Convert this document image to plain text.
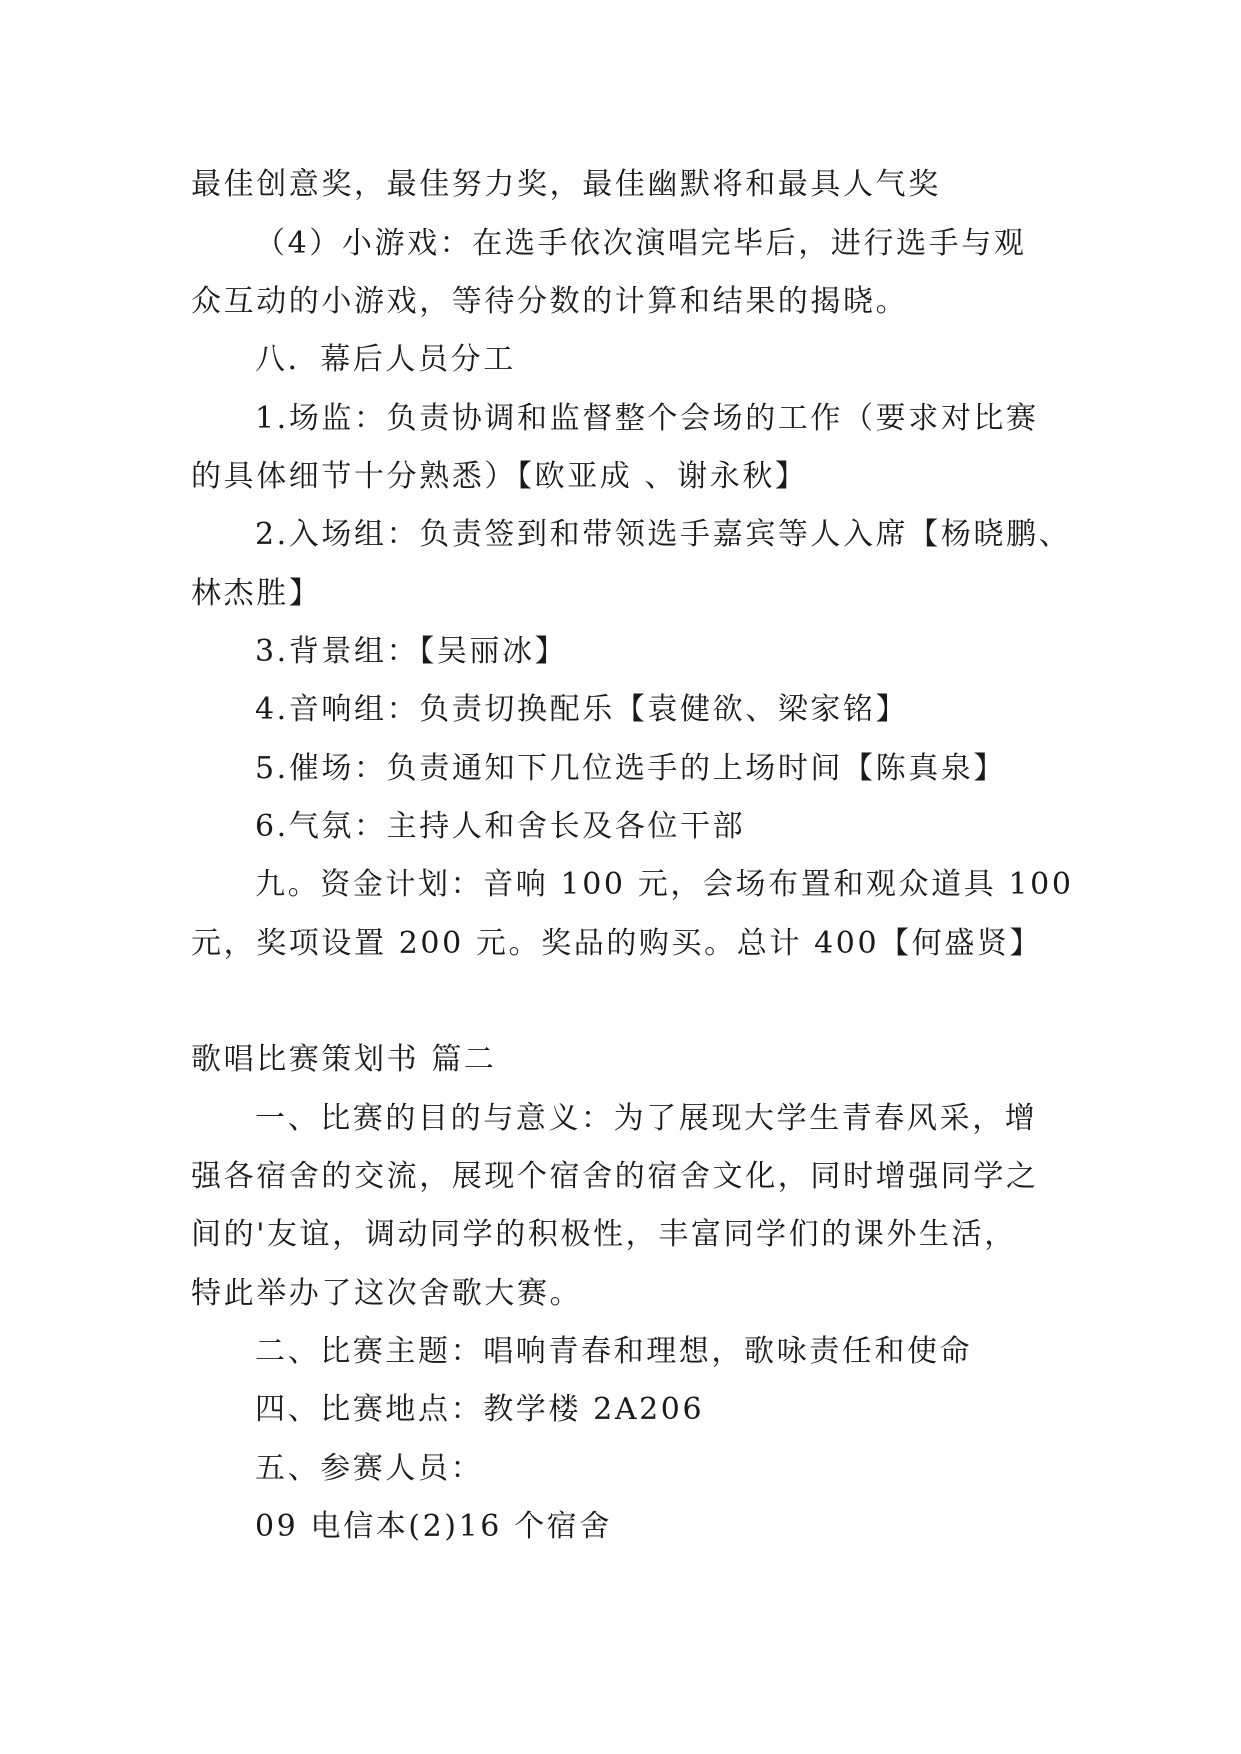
最佳创意奖，最佳努力奖，最佳幽默将和最具人气奖
（4）小游戏：在选手依次演唱完毕后，进行选手与观
众互动的小游戏，等待分数的计算和结果的揭晓。
八．幕后人员分工
1.场监：负责协调和监督整个会场的工作（要求对比赛
的具体细节十分熟悉）【欧亚成 、谢永秋】
2.入场组：负责签到和带领选手嘉宾等人入席【杨晓鹏、
林杰胜】
3.背景组：【吴丽冰】
4.音响组：负责切换配乐【袁健欲、梁家铭】
5.催场：负责通知下几位选手的上场时间【陈真泉】
6.气氛：主持人和舍长及各位干部
九。资金计划：音响 100 元，会场布置和观众道具 100
元，奖项设置 200 元。奖品的购买。总计 400【何盛贤】
歌唱比赛策划书 篇二
一、比赛的目的与意义：为了展现大学生青春风采，增
强各宿舍的交流，展现个宿舍的宿舍文化，同时增强同学之
间的'友谊，调动同学的积极性，丰富同学们的课外生活，
特此举办了这次舍歌大赛。
二、比赛主题：唱响青春和理想，歌咏责任和使命
四、比赛地点：教学楼 2A206
五、参赛人员：
09 电信本(2)16 个宿舍
